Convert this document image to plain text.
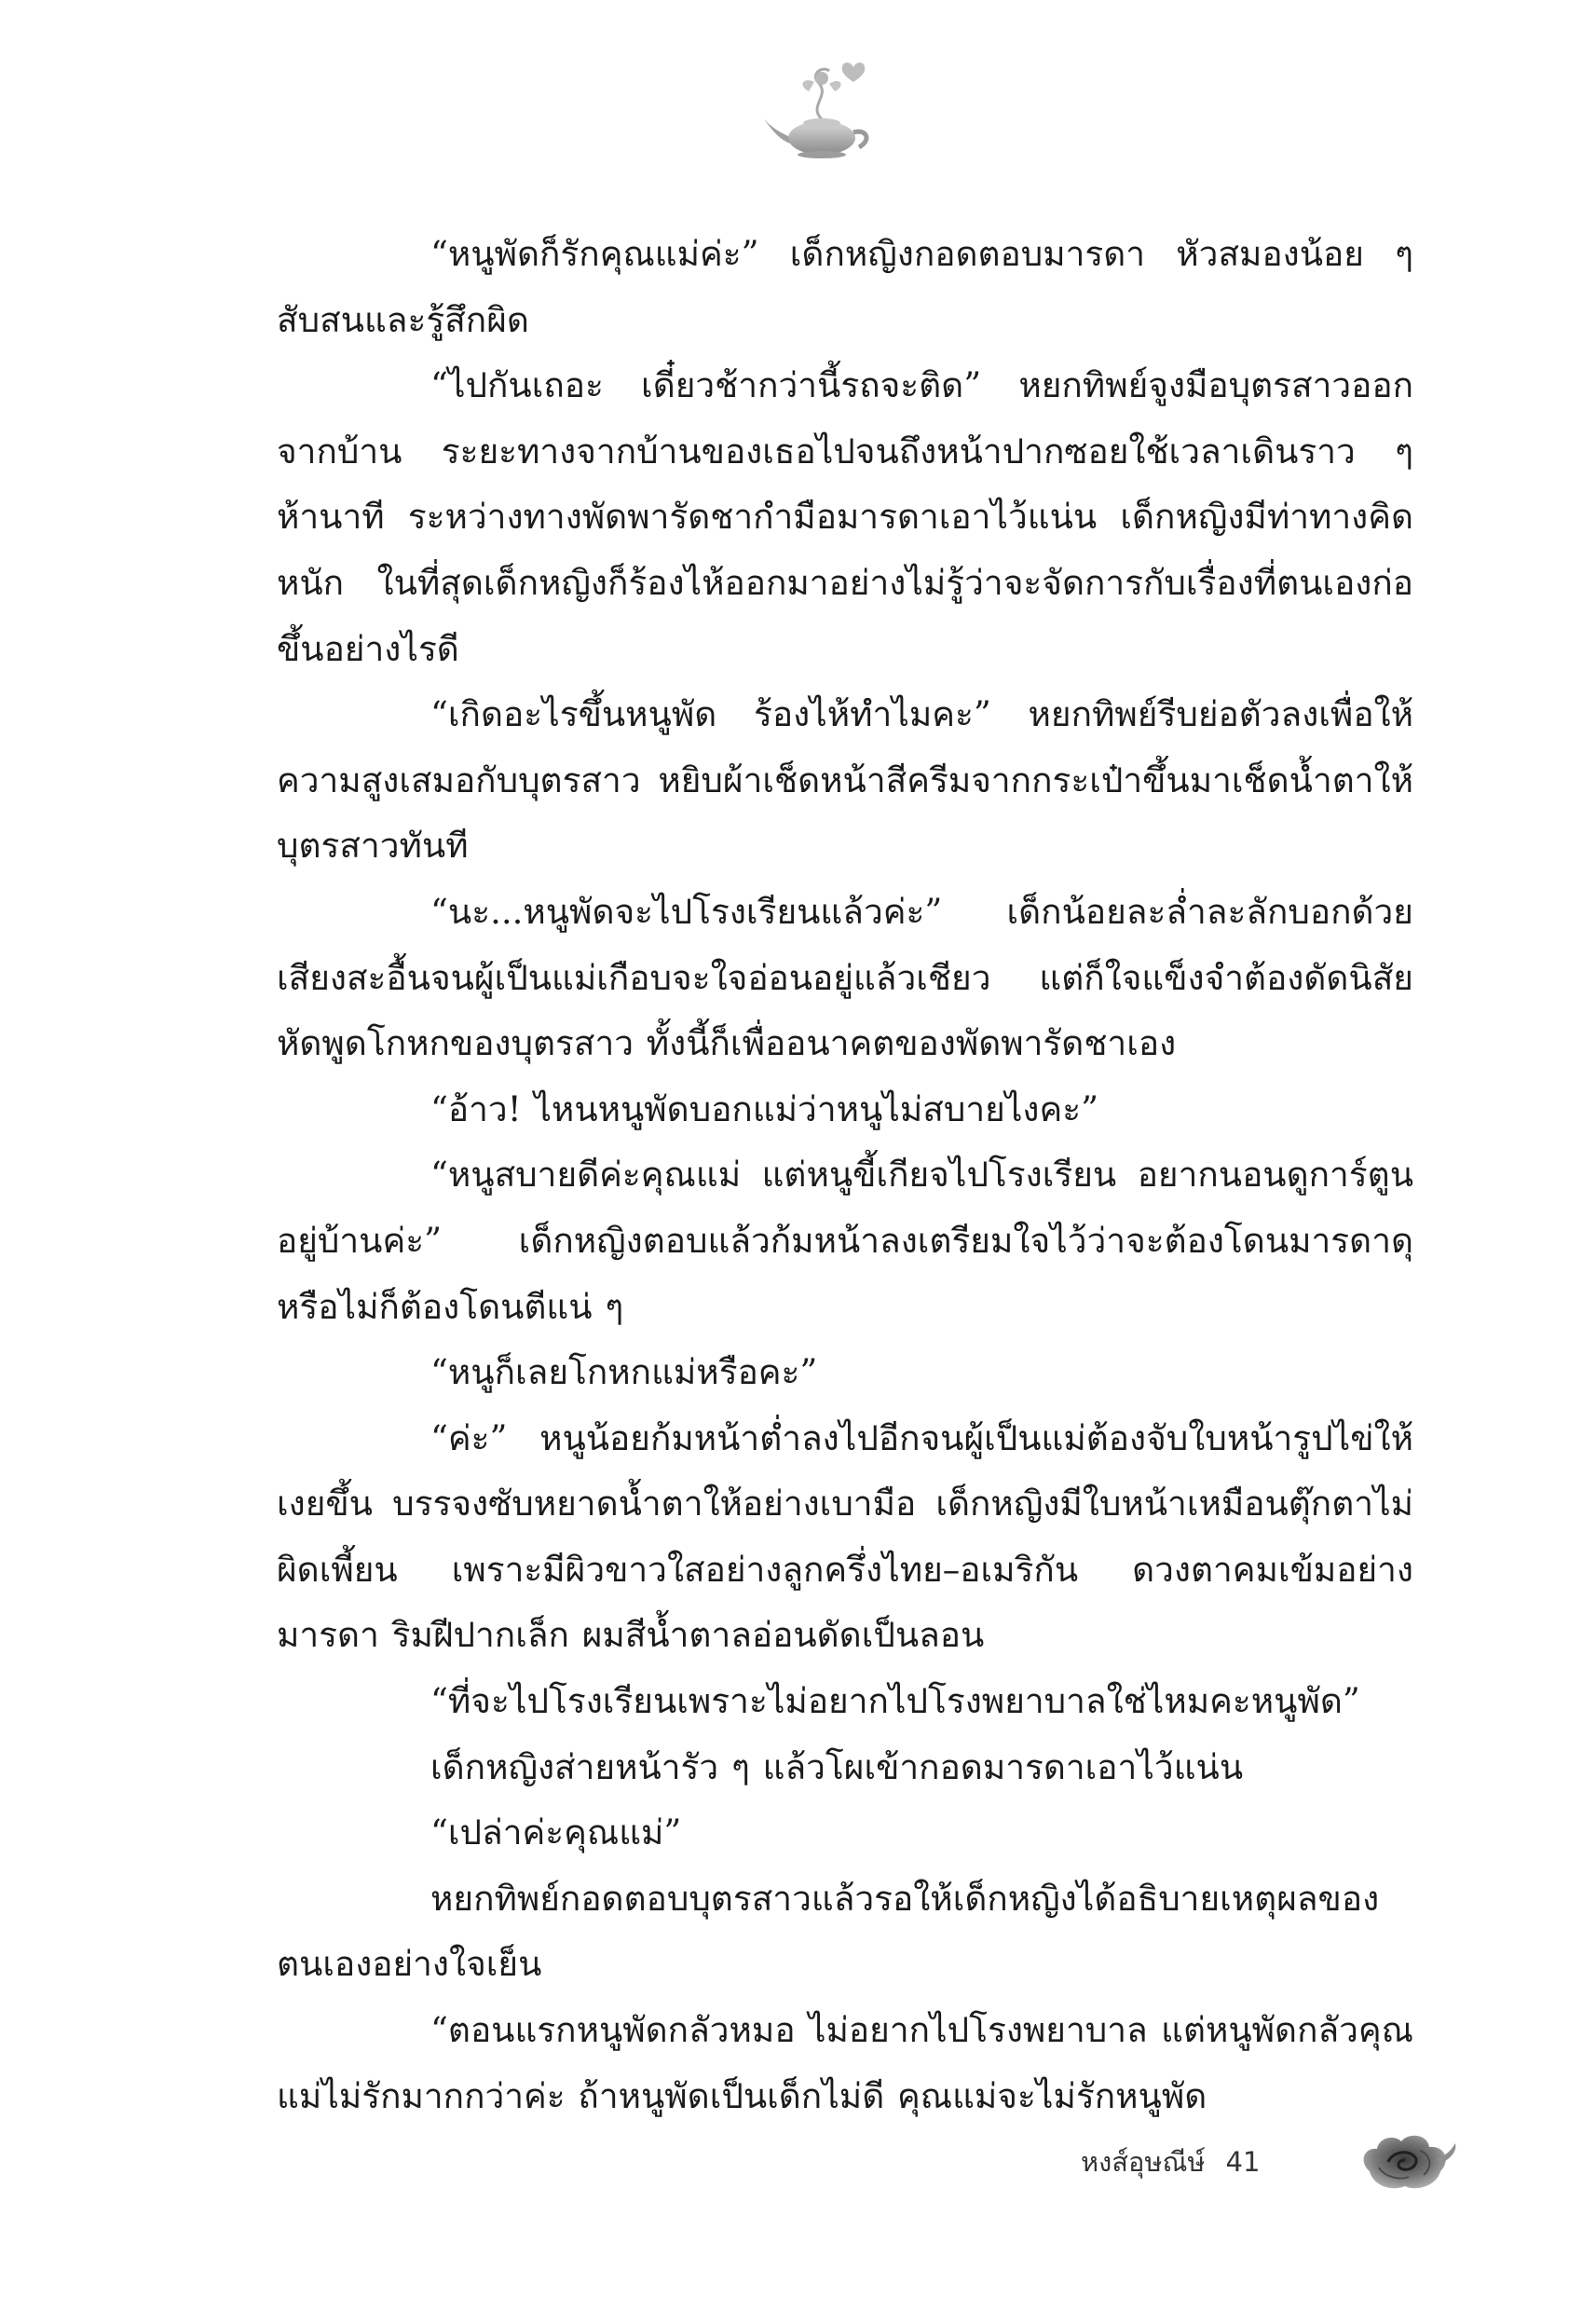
“หนูพัดก็รักคุณแม่ค่ะ” เด็กหญิงกอดตอบมารดา หัวสมองน้อย ๆ สับสนและรู้สึกผิด

“ไปกันเถอะ เดี๋ยวช้ากว่านี้รถจะติด” หยกทิพย์จูงมือบุตรสาวออกจากบ้าน ระยะทางจากบ้านของเธอไปจนถึงหน้าปากซอยใช้เวลาเดินราว ๆ ห้านาที ระหว่างทางพัดพารัดชากำมือมารดาเอาไว้แน่น เด็กหญิงมีท่าทางคิดหนัก ในที่สุดเด็กหญิงก็ร้องไห้ออกมาอย่างไม่รู้ว่าจะจัดการกับเรื่องที่ตนเองก่อขึ้นอย่างไรดี

“เกิดอะไรขึ้นหนูพัด ร้องไห้ทำไมคะ” หยกทิพย์รีบย่อตัวลงเพื่อให้ความสูงเสมอกับบุตรสาว หยิบผ้าเช็ดหน้าสีครีมจากกระเป๋าขึ้นมาเช็ดน้ำตาให้บุตรสาวทันที

“นะ...หนูพัดจะไปโรงเรียนแล้วค่ะ” เด็กน้อยละล่ำละลักบอกด้วยเสียงสะอื้นจนผู้เป็นแม่เกือบจะใจอ่อนอยู่แล้วเชียว แต่ก็ใจแข็งจำต้องดัดนิสัยหัดพูดโกหกของบุตรสาว ทั้งนี้ก็เพื่ออนาคตของพัดพารัดชาเอง

“อ้าว! ไหนหนูพัดบอกแม่ว่าหนูไม่สบายไงคะ”

“หนูสบายดีค่ะคุณแม่ แต่หนูขี้เกียจไปโรงเรียน อยากนอนดูการ์ตูนอยู่บ้านค่ะ” เด็กหญิงตอบแล้วก้มหน้าลงเตรียมใจไว้ว่าจะต้องโดนมารดาดุ หรือไม่ก็ต้องโดนตีแน่ ๆ

“หนูก็เลยโกหกแม่หรือคะ”

“ค่ะ” หนูน้อยก้มหน้าต่ำลงไปอีกจนผู้เป็นแม่ต้องจับใบหน้ารูปไข่ให้เงยขึ้น บรรจงซับหยาดน้ำตาให้อย่างเบามือ เด็กหญิงมีใบหน้าเหมือนตุ๊กตาไม่ผิดเพี้ยน เพราะมีผิวขาวใสอย่างลูกครึ่งไทย–อเมริกัน ดวงตาคมเข้มอย่างมารดา ริมฝีปากเล็ก ผมสีน้ำตาลอ่อนดัดเป็นลอน

“ที่จะไปโรงเรียนเพราะไม่อยากไปโรงพยาบาลใช่ไหมคะหนูพัด”

เด็กหญิงส่ายหน้ารัว ๆ แล้วโผเข้ากอดมารดาเอาไว้แน่น

“เปล่าค่ะคุณแม่”

หยกทิพย์กอดตอบบุตรสาวแล้วรอให้เด็กหญิงได้อธิบายเหตุผลของตนเองอย่างใจเย็น

“ตอนแรกหนูพัดกลัวหมอ ไม่อยากไปโรงพยาบาล แต่หนูพัดกลัวคุณแม่ไม่รักมากกว่าค่ะ ถ้าหนูพัดเป็นเด็กไม่ดี คุณแม่จะไม่รักหนูพัด

หงส์อุษณีษ์ 41
